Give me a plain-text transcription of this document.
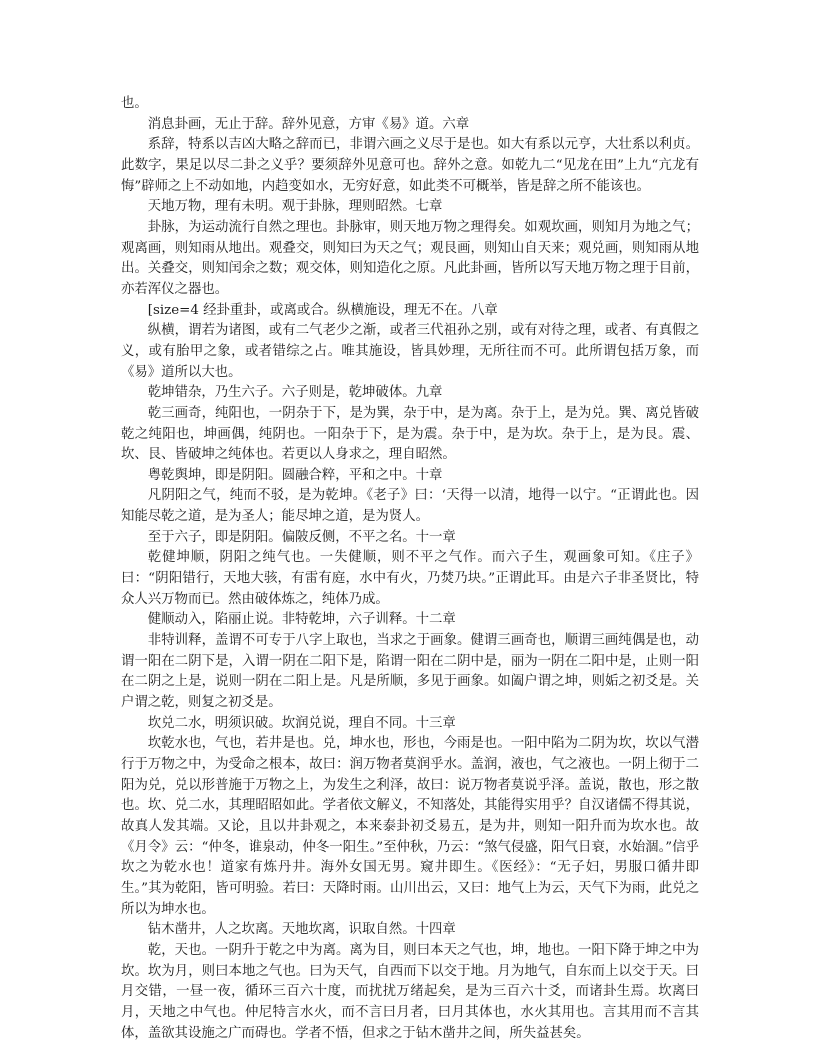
也。

消息卦画，无止于辞。辞外见意，方审《易》道。六章

系辞，特系以吉凶大略之辞而已，非谓六画之义尽于是也。如大有系以元亨，大壮系以利贞。此数字，果足以尽二卦之义乎？要须辞外见意可也。辞外之意。如乾九二“见龙在田”上九“亢龙有悔”辟师之上不动如地，内趋变如水，无穷好意，如此类不可概举，皆是辞之所不能该也。

天地万物，理有未明。观于卦脉，理则昭然。七章

卦脉，为运动流行自然之理也。卦脉审，则天地万物之理得矣。如观坎画，则知月为地之气；观离画，则知雨从地出。观叠交，则知曰为天之气；观艮画，则知山自天来；观兑画，则知雨从地出。关叠交，则知闰余之数；观交体，则知造化之原。凡此卦画，皆所以写天地万物之理于目前，亦若浑仪之器也。

[size=4 经卦重卦，或离或合。纵横施设，理无不在。八章

纵横，谓若为诸图，或有二气老少之渐，或者三代祖孙之别，或有对待之理，或者、有真假之义，或有胎甲之象，或者错综之占。唯其施设，皆具妙理，无所往而不可。此所谓包括万象，而《易》道所以大也。

乾坤错杂，乃生六子。六子则是，乾坤破体。九章

乾三画奇，纯阳也，一阴杂于下，是为巽，杂于中，是为离。杂于上，是为兑。巽、离兑皆破乾之纯阳也，坤画偶，纯阴也。一阳杂于下，是为震。杂于中，是为坎。杂于上，是为艮。震、坎、艮、皆破坤之纯体也。若更以人身求之，理自昭然。

粤乾舆坤，即是阴阳。圆融合粹，平和之中。十章

凡阴阳之气，纯而不驳，是为乾坤。《老子》曰：‘天得一以清，地得一以宁。“正谓此也。因知能尽乾之道，是为圣人；能尽坤之道，是为贤人。

至于六子，即是阴阳。偏陂反侧，不平之名。十一章

乾健坤顺，阴阳之纯气也。一失健顺，则不平之气作。而六子生，观画象可知。《庄子》曰：“阴阳错行，天地大骇，有雷有庭，水中有火，乃焚乃块。”正谓此耳。由是六子非圣贤比，特众人兴万物而已。然由破体炼之，纯体乃成。

健顺动入，陷丽止说。非特乾坤，六子训释。十二章

非特训释，盖谓不可专于八字上取也，当求之于画象。健谓三画奇也，顺谓三画纯偶是也，动谓一阳在二阴下是，入谓一阴在二阳下是，陷谓一阳在二阴中是，丽为一阴在二阳中是，止则一阳在二阴之上是，说则一阴在二阳上是。凡是所顺，多见于画象。如阖户谓之坤，则姤之初爻是。关户谓之乾，则复之初爻是。

坎兑二水，明须识破。坎润兑说，理自不同。十三章

坎乾水也，气也，若井是也。兑，坤水也，形也，今雨是也。一阳中陷为二阴为坎，坎以气潜行于万物之中，为受命之根本，故曰：润万物者莫润乎水。盖润，液也，气之液也。一阴上彻于二阳为兑，兑以形普施于万物之上，为发生之利泽，故曰：说万物者莫说乎泽。盖说，散也，形之散也。坎、兑二水，其理昭昭如此。学者依文解义，不知落处，其能得实用乎？自汉诸儒不得其说，故真人发其端。又论，且以井卦观之，本来泰卦初爻易五，是为井，则知一阳升而为坎水也。故《月令》云：“仲冬，谁泉动，仲冬一阳生。”至仲秋，乃云：“煞气侵盛，阳气日衰，水始涸。”信乎坎之为乾水也！道家有炼丹井。海外女国无男。窥井即生。《医经》：“无子妇，男服口循井即生。”其为乾阳，皆可明验。若曰：天降时雨。山川出云，又曰：地气上为云，天气下为雨，此兑之所以为坤水也。

钻木凿井，人之坎离。天地坎离，识取自然。十四章

乾，天也。一阴升于乾之中为离。离为目，则曰本天之气也，坤，地也。一阳下降于坤之中为坎。坎为月，则曰本地之气也。曰为天气，自西而下以交于地。月为地气，自东而上以交于天。曰月交错，一昼一夜，循环三百六十度，而扰扰万绪起矣，是为三百六十爻，而诸卦生焉。坎离曰月，天地之中气也。仲尼特言水火，而不言曰月者，曰月其体也，水火其用也。言其用而不言其体，盖欲其设施之广而碍也。学者不悟，但求之于钻木凿井之间，所失益甚矣。
